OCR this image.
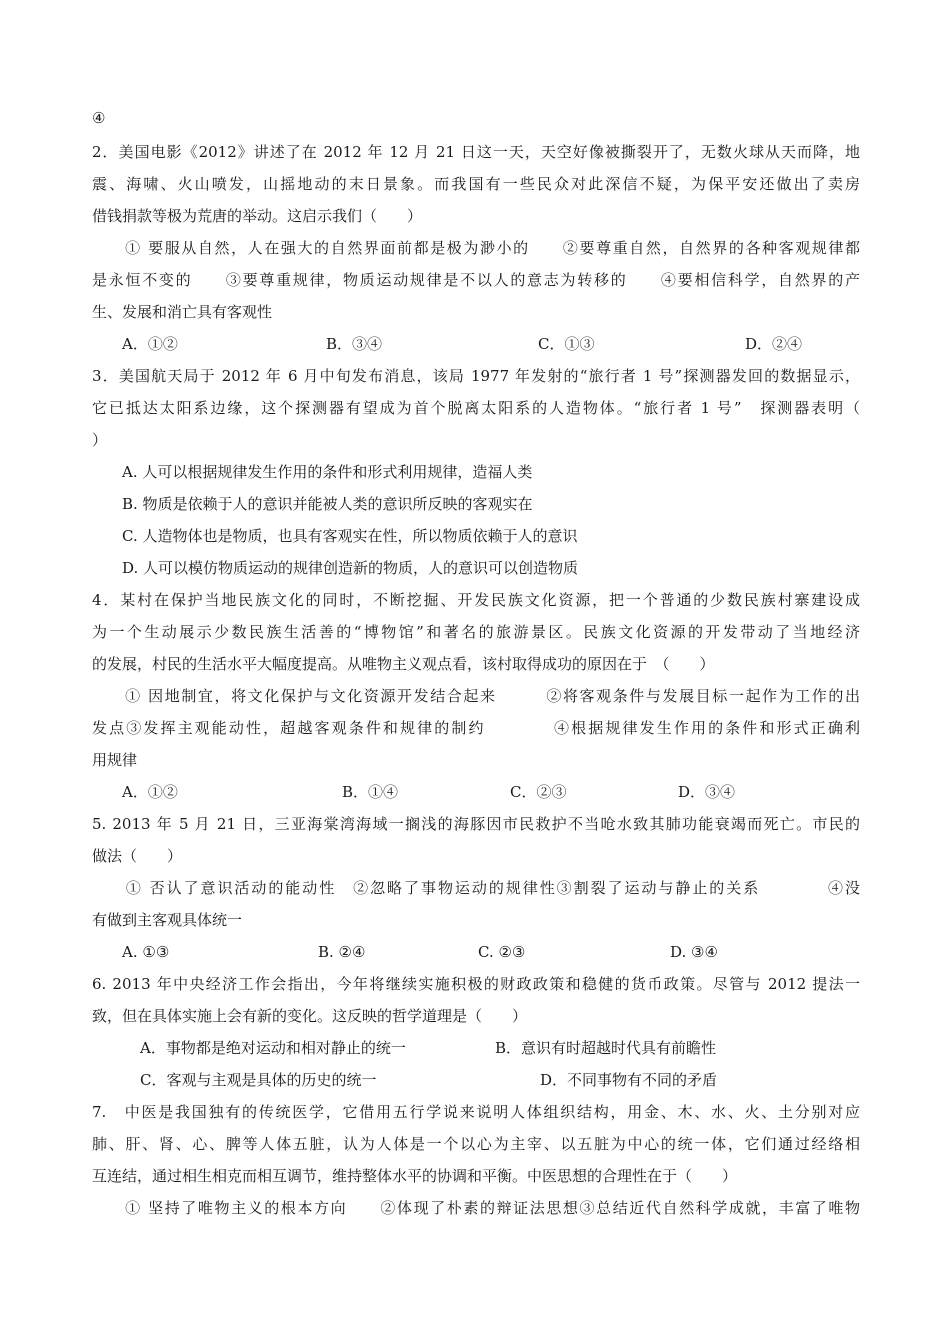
④
2．美国电影《2012》讲述了在 2012 年 12 月 21 日这一天，天空好像被撕裂开了，无数火球从天而降，地
震、海啸、火山喷发，山摇地动的末日景象。而我国有一些民众对此深信不疑，为保平安还做出了卖房
借钱捐款等极为荒唐的举动。这启示我们（　　）
　　① 要服从自然，人在强大的自然界面前都是极为渺小的　　②要尊重自然，自然界的各种客观规律都
是永恒不变的　　③要尊重规律，物质运动规律是不以人的意志为转移的　　④要相信科学，自然界的产
生、发展和消亡具有客观性
A．①②	B．③④	C．①③	D．②④
3．美国航天局于 2012 年 6 月中旬发布消息，该局 1977 年发射的“旅行者 1 号”探测器发回的数据显示，
它已抵达太阳系边缘，这个探测器有望成为首个脱离太阳系的人造物体。“旅行者 1 号”　探测器表明（
）
　　A. 人可以根据规律发生作用的条件和形式利用规律，造福人类
　　B. 物质是依赖于人的意识并能被人类的意识所反映的客观实在
　　C. 人造物体也是物质，也具有客观实在性，所以物质依赖于人的意识
　　D. 人可以模仿物质运动的规律创造新的物质，人的意识可以创造物质
4．某村在保护当地民族文化的同时，不断挖掘、开发民族文化资源，把一个普通的少数民族村寨建设成
为一个生动展示少数民族生活善的“博物馆”和著名的旅游景区。民族文化资源的开发带动了当地经济
的发展，村民的生活水平大幅度提高。从唯物主义观点看，该村取得成功的原因在于　（　　）
　　① 因地制宜，将文化保护与文化资源开发结合起来　　　②将客观条件与发展目标一起作为工作的出
发点③发挥主观能动性，超越客观条件和规律的制约　　　　④根据规律发生作用的条件和形式正确利
用规律
A．①②	B．①④	C．②③	D．③④
5. 2013 年 5 月 21 日，三亚海棠湾海域一搁浅的海豚因市民救护不当呛水致其肺功能衰竭而死亡。市民的
做法（　　）
　　① 否认了意识活动的能动性　②忽略了事物运动的规律性③割裂了运动与静止的关系　　　　④没
有做到主客观具体统一
A. ①③	B. ②④	C. ②③	D. ③④
6. 2013 年中央经济工作会指出，今年将继续实施积极的财政政策和稳健的货币政策。尽管与 2012 提法一
致，但在具体实施上会有新的变化。这反映的哲学道理是（　　）
A．事物都是绝对运动和相对静止的统一	B．意识有时超越时代具有前瞻性
C．客观与主观是具体的历史的统一	D．不同事物有不同的矛盾
7.　中医是我国独有的传统医学，它借用五行学说来说明人体组织结构，用金、木、水、火、土分别对应
肺、肝、肾、心、脾等人体五脏，认为人体是一个以心为主宰、以五脏为中心的统一体，它们通过经络相
互连结，通过相生相克而相互调节，维持整体水平的协调和平衡。中医思想的合理性在于（　　）
　　① 坚持了唯物主义的根本方向　　②体现了朴素的辩证法思想③总结近代自然科学成就，丰富了唯物
